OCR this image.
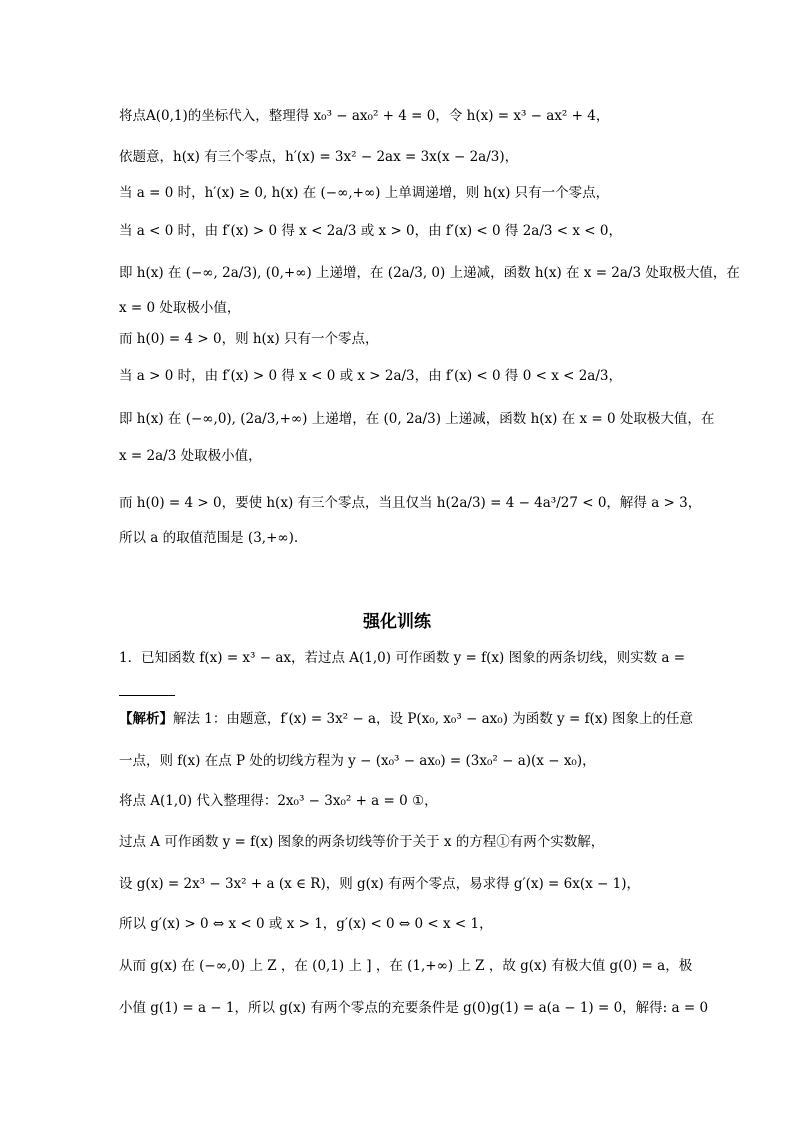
将点A(0,1)的坐标代入，整理得 x₀³ − ax₀² + 4 = 0，令 h(x) = x³ − ax² + 4，
依题意，h(x) 有三个零点，h′(x) = 3x² − 2ax = 3x(x − 2a/3)，
当 a = 0 时，h′(x) ≥ 0, h(x) 在 (−∞,+∞) 上单调递增，则 h(x) 只有一个零点，
当 a < 0 时，由 f′(x) > 0 得 x < 2a/3 或 x > 0，由 f′(x) < 0 得 2a/3 < x < 0，
即 h(x) 在 (−∞, 2a/3), (0,+∞) 上递增，在 (2a/3, 0) 上递减，函数 h(x) 在 x = 2a/3 处取极大值，在
x = 0 处取极小值，
而 h(0) = 4 > 0，则 h(x) 只有一个零点，
当 a > 0 时，由 f′(x) > 0 得 x < 0 或 x > 2a/3，由 f′(x) < 0 得 0 < x < 2a/3，
即 h(x) 在 (−∞,0), (2a/3,+∞) 上递增，在 (0, 2a/3) 上递减，函数 h(x) 在 x = 0 处取极大值，在
x = 2a/3 处取极小值，
而 h(0) = 4 > 0，要使 h(x) 有三个零点，当且仅当 h(2a/3) = 4 − 4a³/27 < 0，解得 a > 3，
所以 a 的取值范围是 (3,+∞).
强化训练
1．已知函数 f(x) = x³ − ax，若过点 A(1,0) 可作函数 y = f(x) 图象的两条切线，则实数 a =
【解析】解法 1：由题意，f′(x) = 3x² − a，设 P(x₀, x₀³ − ax₀) 为函数 y = f(x) 图象上的任意
一点，则 f(x) 在点 P 处的切线方程为 y − (x₀³ − ax₀) = (3x₀² − a)(x − x₀)，
将点 A(1,0) 代入整理得：2x₀³ − 3x₀² + a = 0 ①，
过点 A 可作函数 y = f(x) 图象的两条切线等价于关于 x 的方程①有两个实数解，
设 g(x) = 2x³ − 3x² + a (x ∈ R)，则 g(x) 有两个零点，易求得 g′(x) = 6x(x − 1)，
所以 g′(x) > 0 ⇔ x < 0 或 x > 1，g′(x) < 0 ⇔ 0 < x < 1，
从而 g(x) 在 (−∞,0) 上 Z ，在 (0,1) 上 ] ，在 (1,+∞) 上 Z ，故 g(x) 有极大值 g(0) = a，极
小值 g(1) = a − 1，所以 g(x) 有两个零点的充要条件是 g(0)g(1) = a(a − 1) = 0，解得: a = 0
